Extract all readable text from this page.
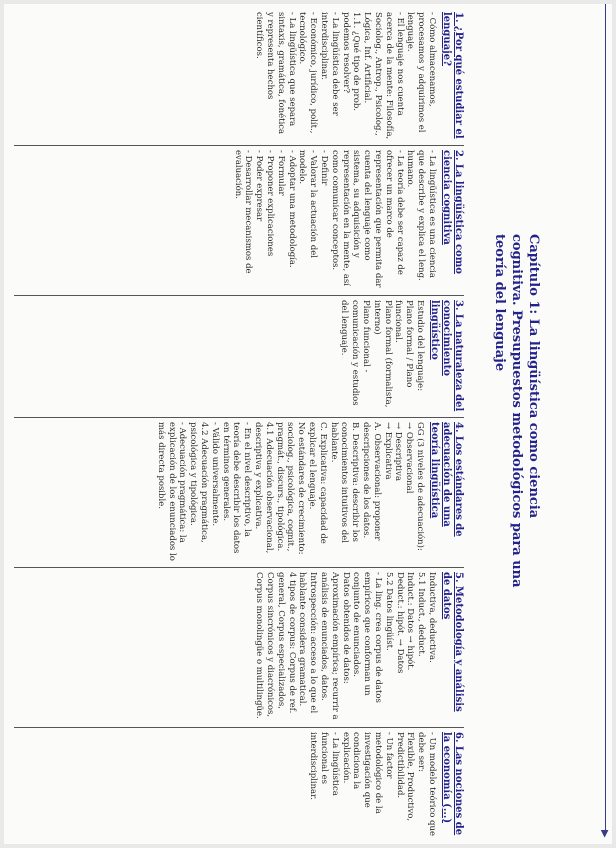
▶

Capítulo 1: La lingüística como ciencia

cognitiva. Presupuestos metodológicos para una

teoría del lenguaje

1. ¿Por qué estudiar el lenguaje?

- Cómo almacenamos, procesamos y adquirimos el lenguaje.
- El lenguaje nos cuenta acerca de la mente: Filosofía, Sociolog., Antrop., Psicolog., Lógica, Inf. Artificial.
1.1. ¿Qué tipo de prob. podemos resolver?
- La lingüística debe ser interdisciplinar.
- Económico, jurídico, polít., tecnológico.
- La lingüística que separa sintaxis, gramática, fonética y representa hechos científicos.

2. La lingüística como ciencia cognitiva

- La lingüística es una ciencia que describe y explica el leng. humano.
- La teoría debe ser capaz de ofrecer un marco de representación que permita dar cuenta del lenguaje como sistema, su adquisición y representación en la mente, así como comunicar conceptos.
- Definir
- Valorar la actuación del modelo.
- Adoptar una metodología.
- Formular
- Proponer explicaciones
- Poder expresar
- Desarrollar mecanismos de evaluación.

3. La naturaleza del conocimiento lingüístico

Estudio del lenguaje: Plano formal / Plano funcional.
Plano formal (formalista, interno)
Plano funcional - comunicación y estudios del lenguaje.

4. Los estándares de adecuación de una teoría lingüística

GG (3 niveles de adecuación):
→ Observacional
→ Descriptiva
→ Explicativa
A. Observacional: proponer descripciones de los datos.
B. Descriptiva: describir los conocimientos intuitivos del hablante.
C. Explicativa: capacidad de explicar el lenguaje.
No estándares de crecimiento: sociolog., psicológica, cognit., pragmát., discurs., tipológica.
4.1 Adecuación observacional, descriptiva y explicativa.
- En el nivel descriptivo, la teoría debe describir los datos en términos generales.
- Válido universalmente.
4.2 Adecuación pragmática, psicológica y tipológica.
- Adecuación pragmática: la explicación de los enunciados lo más directa posible.

5. Metodología y análisis de datos

Inductiva, deductiva.
5.1 Induct., deduct.
Induct.: Datos → hipót.
Deduct.: hipót. → Datos
5.2 Datos lingüíst.
- La ling. crea corpus de datos empíricos que conforman un conjunto de enunciados.
Datos obtenidos de datos: Aproximación empírica; recurrir a análisis de enunciados, datos.
Introspección: acceso a lo que el hablante considera gramatical.
4 tipos de corpus: Corpus de ref. general, Corpus especializados, Corpus sincrónicos y diacrónicos, Corpus monolingüe o multilingüe.

6. Las nociones de la economía (...)

- Un modelo teórico que debe ser:
Flexible, Productivo, Predictibilidad.
- Un factor metodológico de la investigación que condiciona la explicación.
- La lingüística funcional es interdisciplinar.
